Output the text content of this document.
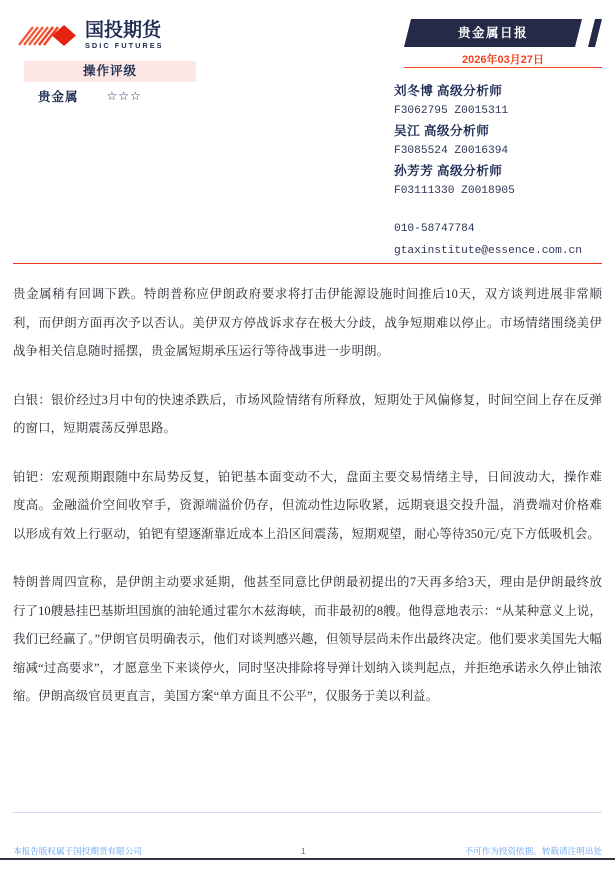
国投期货
SDIC FUTURES
操作评级
贵金属 ☆☆☆
贵金属日报
2026年03月27日
刘冬博 高级分析师
F3062795 Z0015311
吴江 高级分析师
F3085524 Z0016394
孙芳芳 高级分析师
F03111330 Z0018905
010-58747784
gtaxinstitute@essence.com.cn

贵金属稍有回调下跌。特朗普称应伊朗政府要求将打击伊能源设施时间推后10天，双方谈判进展非常顺利，而伊朗方面再次予以否认。美伊双方停战诉求存在极大分歧，战争短期难以停止。市场情绪围绕美伊战争相关信息随时摇摆，贵金属短期承压运行等待战事进一步明朗。

白银：银价经过3月中旬的快速杀跌后，市场风险情绪有所释放，短期处于风偏修复，时间空间上存在反弹的窗口，短期震荡反弹思路。

铂钯：宏观预期跟随中东局势反复，铂钯基本面变动不大，盘面主要交易情绪主导，日间波动大，操作难度高。金融溢价空间收窄手，资源端溢价仍存，但流动性边际收紧，远期衰退交投升温，消费端对价格难以形成有效上行驱动，铂钯有望逐渐靠近成本上沿区间震荡，短期观望，耐心等待350元/克下方低吸机会。

特朗普周四宣称，是伊朗主动要求延期，他甚至同意比伊朗最初提出的7天再多给3天，理由是伊朗最终放行了10艘悬挂巴基斯坦国旗的油轮通过霍尔木兹海峡，而非最初的8艘。他得意地表示：“从某种意义上说，我们已经赢了。”伊朗官员明确表示，他们对谈判感兴趣，但领导层尚未作出最终决定。他们要求美国先大幅缩减“过高要求”，才愿意坐下来谈停火，同时坚决排除将导弹计划纳入谈判起点，并拒绝承诺永久停止铀浓缩。伊朗高级官员更直言，美国方案“单方面且不公平”，仅服务于美以利益。

本报告版权属于国投期货有限公司	1	不可作为投资依据。转载请注明出处
